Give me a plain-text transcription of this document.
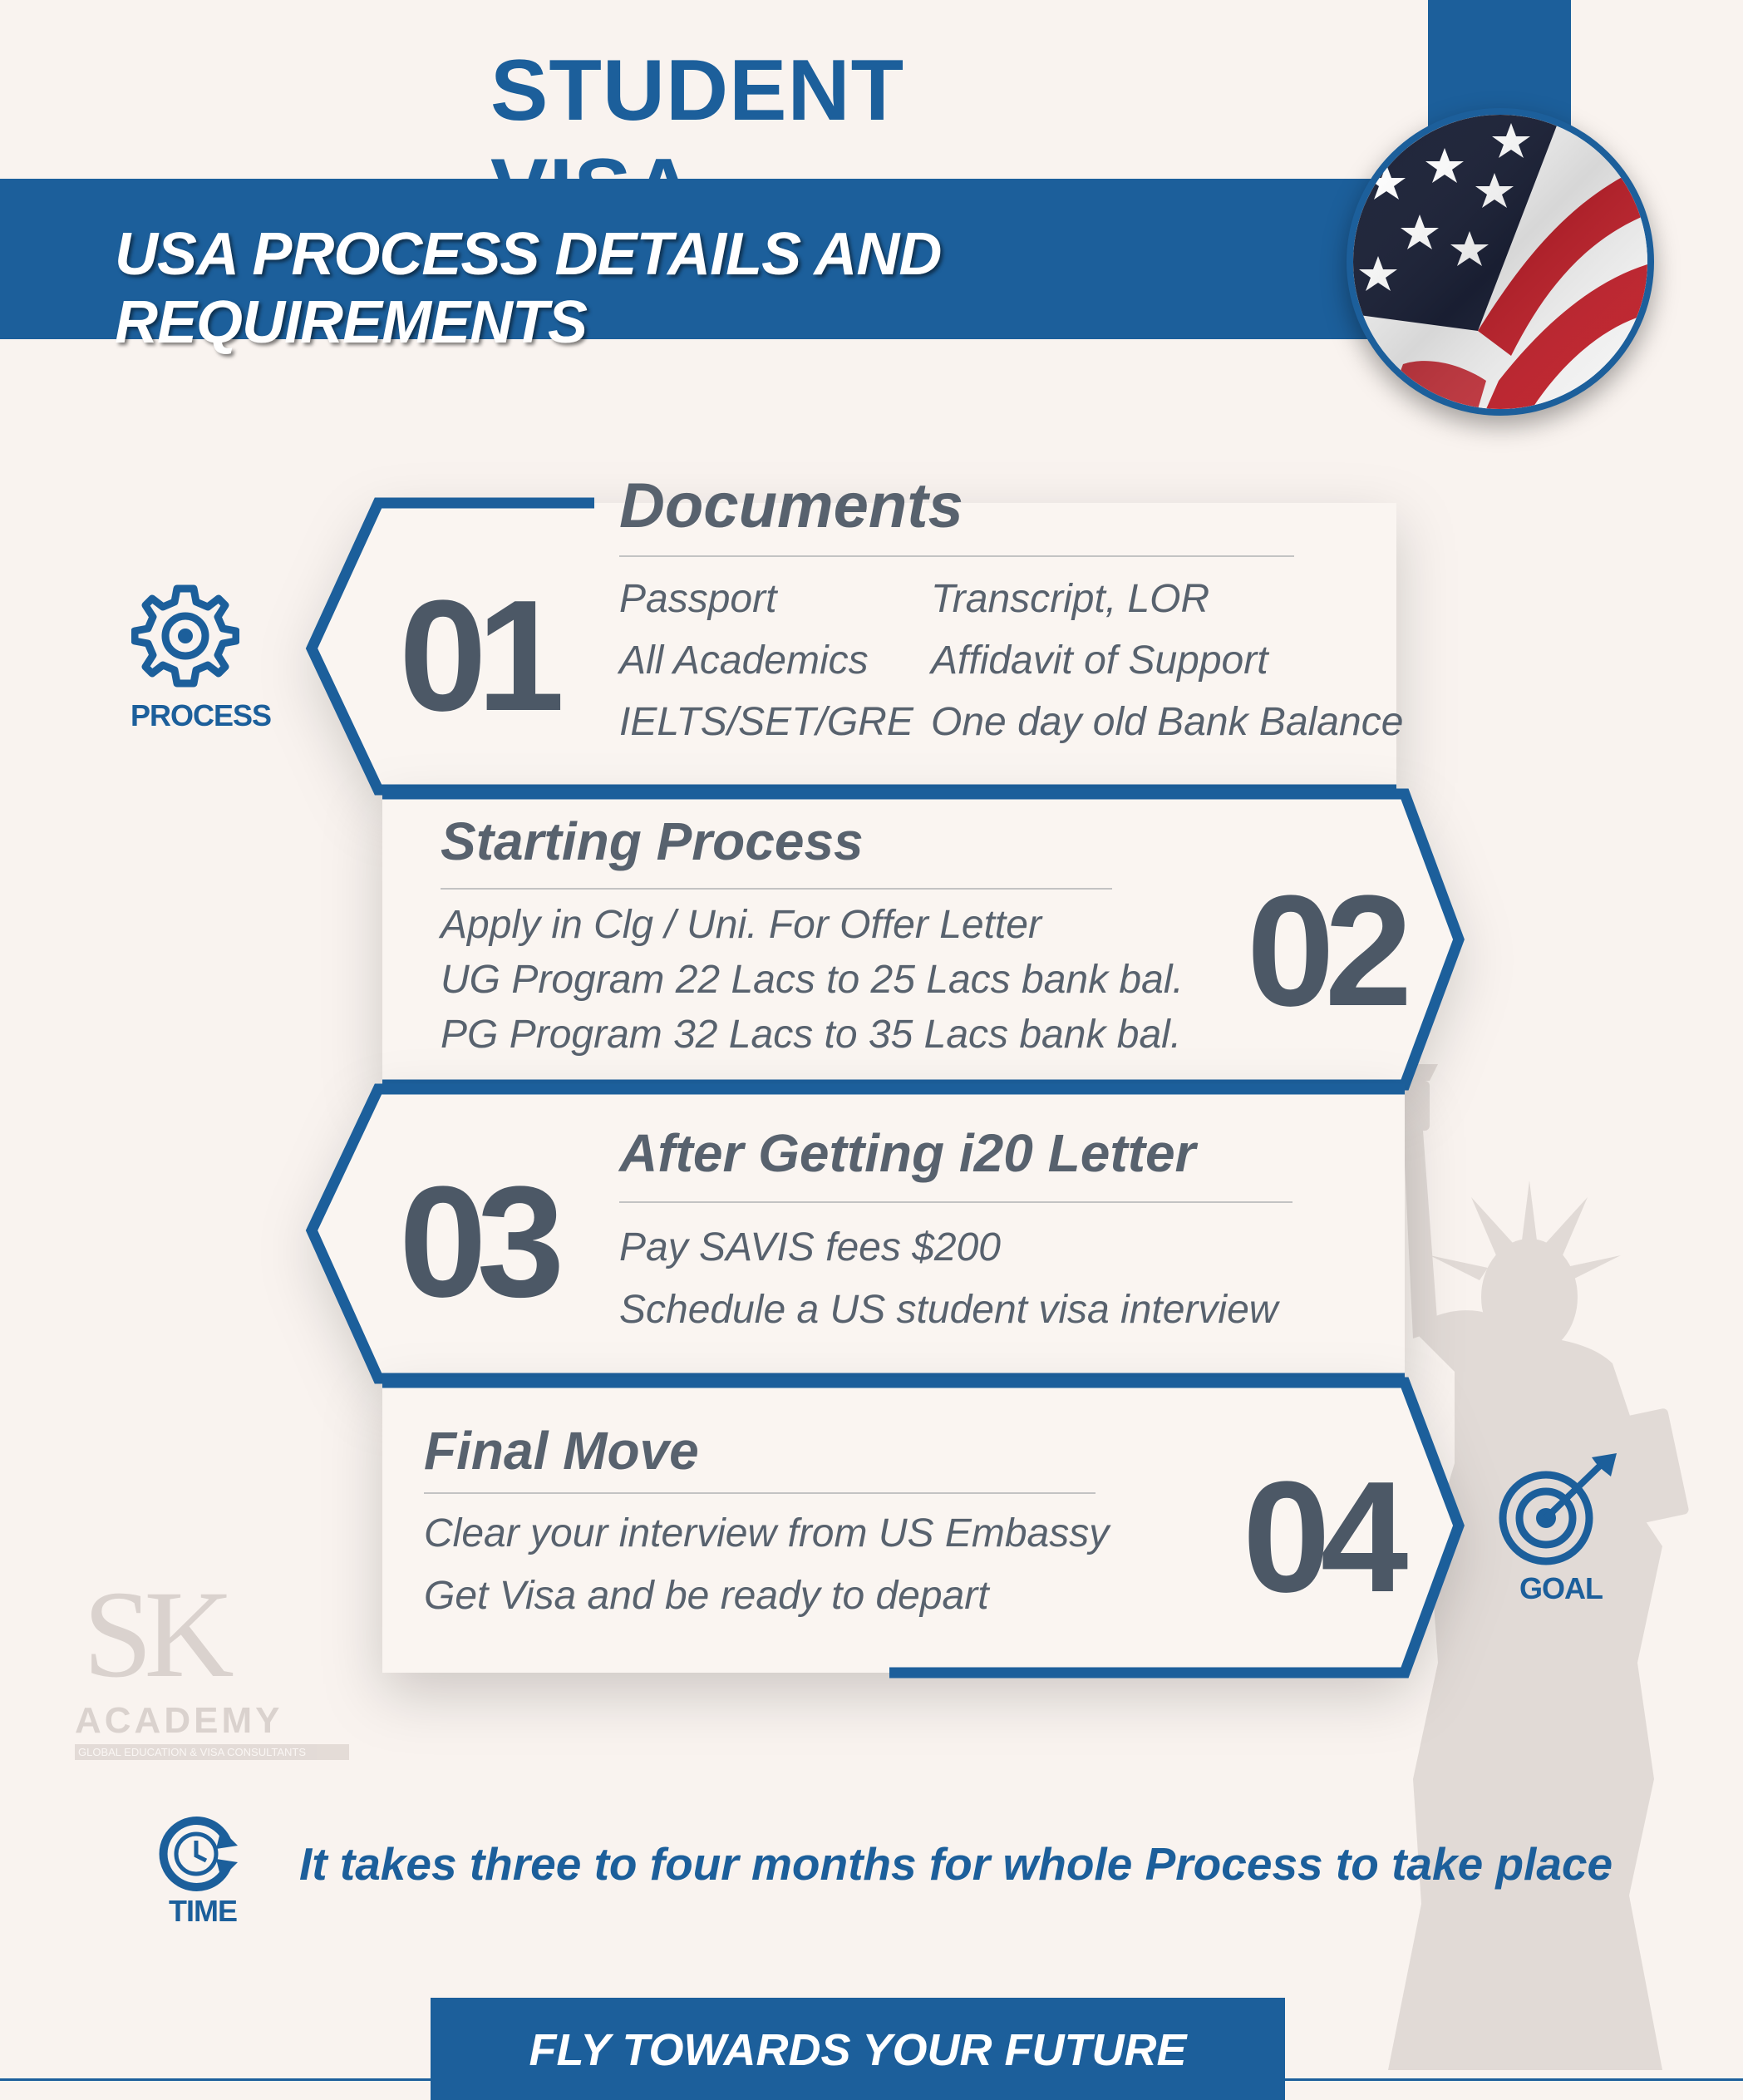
STUDENT
USA PROCESS DETAILS AND REQUIREMENTS
SK
ACADEMY
GLOBAL EDUCATION & VISA CONSULTANTS
01
Documents
Passport
All Academics
IELTS/SET/GRE
Transcript, LOR
Affidavit of Support
One day old Bank Balance
Starting Process
Apply in Clg / Uni. For Offer Letter
UG Program 22 Lacs to 25 Lacs bank bal.
PG Program 32 Lacs to 35 Lacs bank bal. 02
03
After Getting i20 Letter
Pay SAVIS fees $200
Schedule a US student visa interview
Final Move
Clear your interview from US Embassy
Get Visa and be ready to depart 04
PROCESS
GOAL
TIME
It takes three to four months for whole Process to take place
FLY TOWARDS YOUR FUTURE
